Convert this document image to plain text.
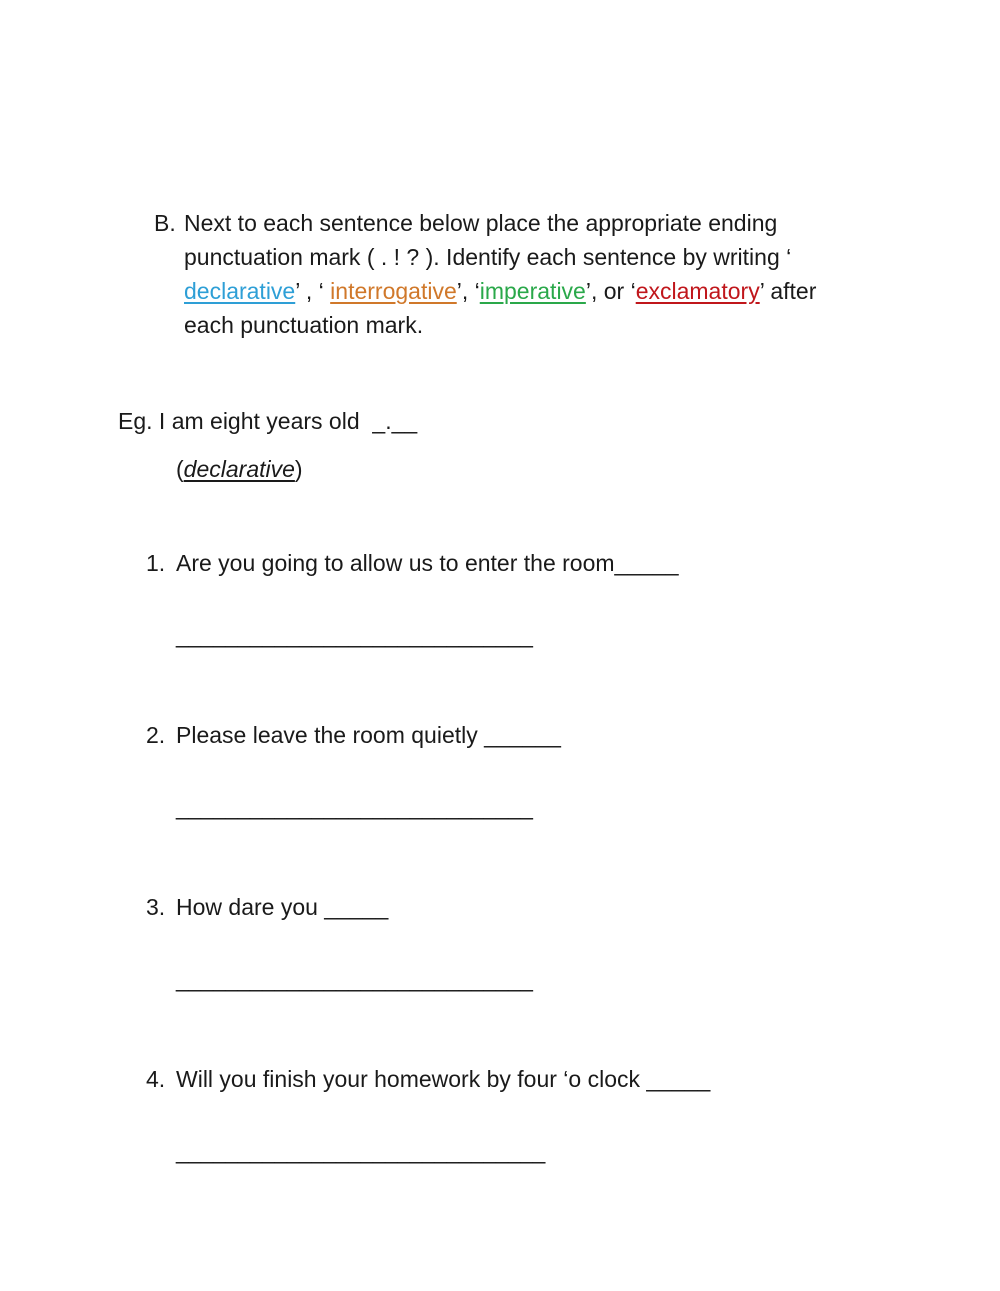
B. Next to each sentence below place the appropriate ending
punctuation mark ( . ! ? ). Identify each sentence by writing ‘
declarative’ , ‘ interrogative’, ‘imperative’, or ‘exclamatory’ after
each punctuation mark.
Eg. I am eight years old _.__
(declarative)
1. Are you going to allow us to enter the room_____
_____________________________
2. Please leave the room quietly ______
_____________________________
3. How dare you _____
_____________________________
4. Will you finish your homework by four ‘o clock _____
______________________________
